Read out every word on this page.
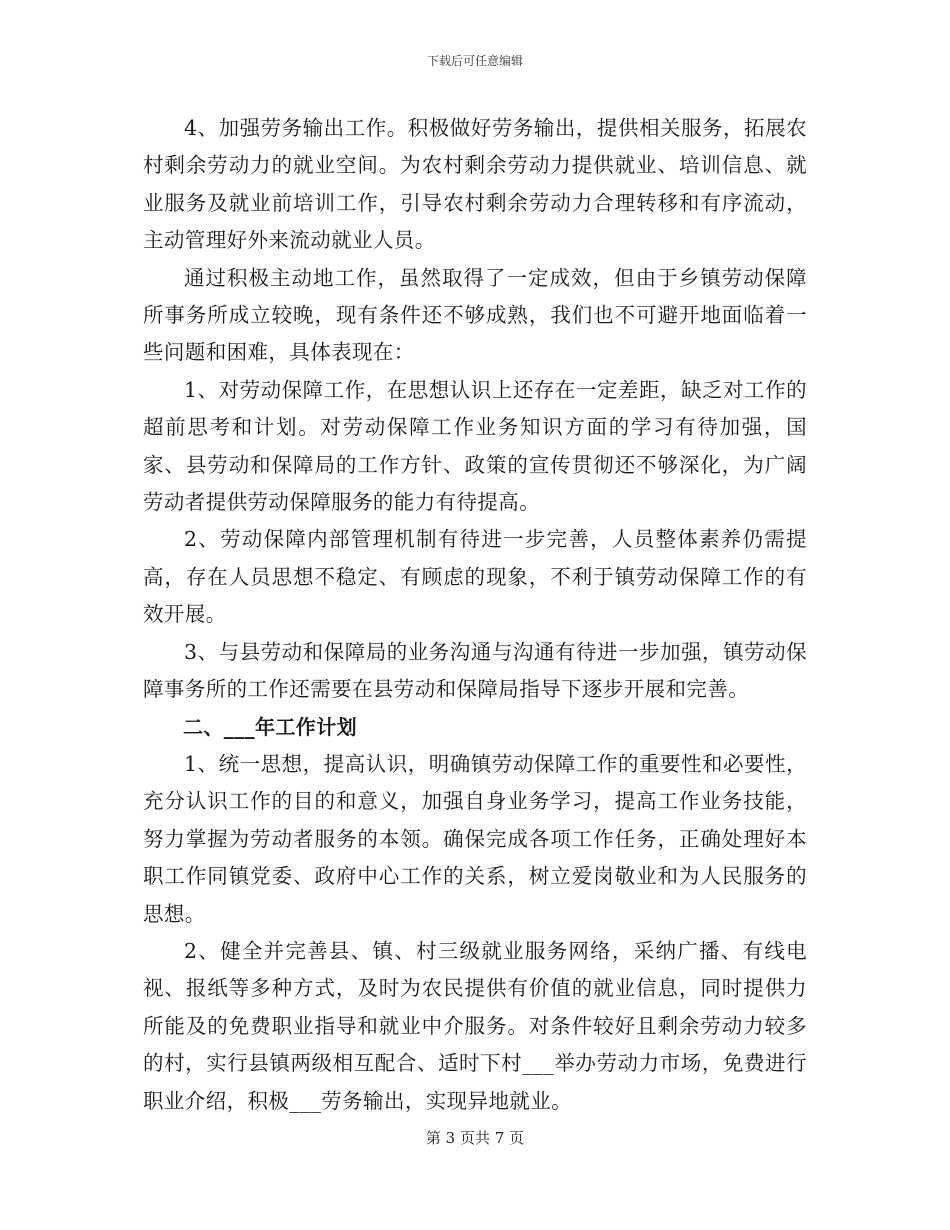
下载后可任意编辑

4、加强劳务输出工作。积极做好劳务输出，提供相关服务，拓展农村剩余劳动力的就业空间。为农村剩余劳动力提供就业、培训信息、就业服务及就业前培训工作，引导农村剩余劳动力合理转移和有序流动，主动管理好外来流动就业人员。

通过积极主动地工作，虽然取得了一定成效，但由于乡镇劳动保障所事务所成立较晚，现有条件还不够成熟，我们也不可避开地面临着一些问题和困难，具体表现在：

1、对劳动保障工作，在思想认识上还存在一定差距，缺乏对工作的超前思考和计划。对劳动保障工作业务知识方面的学习有待加强，国家、县劳动和保障局的工作方针、政策的宣传贯彻还不够深化，为广阔劳动者提供劳动保障服务的能力有待提高。

2、劳动保障内部管理机制有待进一步完善，人员整体素养仍需提高，存在人员思想不稳定、有顾虑的现象，不利于镇劳动保障工作的有效开展。

3、与县劳动和保障局的业务沟通与沟通有待进一步加强，镇劳动保障事务所的工作还需要在县劳动和保障局指导下逐步开展和完善。

二、___年工作计划

1、统一思想，提高认识，明确镇劳动保障工作的重要性和必要性，充分认识工作的目的和意义，加强自身业务学习，提高工作业务技能，努力掌握为劳动者服务的本领。确保完成各项工作任务，正确处理好本职工作同镇党委、政府中心工作的关系，树立爱岗敬业和为人民服务的思想。

2、健全并完善县、镇、村三级就业服务网络，采纳广播、有线电视、报纸等多种方式，及时为农民提供有价值的就业信息，同时提供力所能及的免费职业指导和就业中介服务。对条件较好且剩余劳动力较多的村，实行县镇两级相互配合、适时下村___举办劳动力市场，免费进行职业介绍，积极___劳务输出，实现异地就业。

第 3 页共 7 页
